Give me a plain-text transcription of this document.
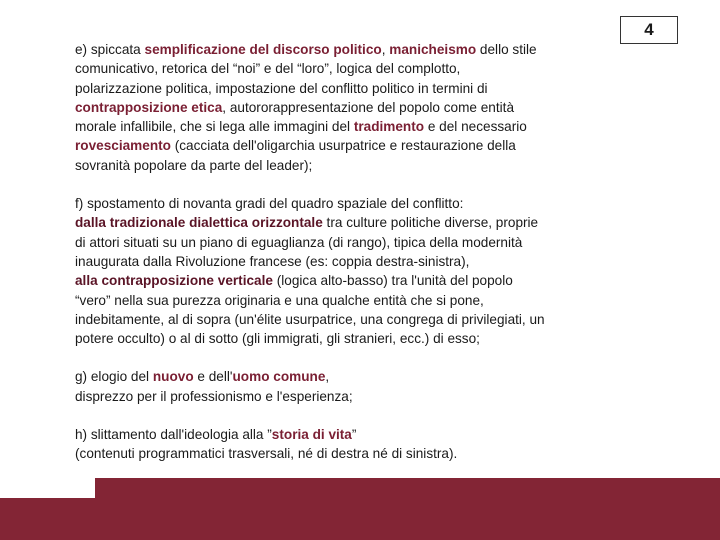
4
e) spiccata semplificazione del discorso politico, manicheismo dello stile
comunicativo, retorica del “noi” e del “loro”, logica del complotto,
polarizzazione politica, impostazione del conflitto politico in termini di
contrapposizione etica, autororappresentazione del popolo come entità
morale infallibile, che si lega alle immagini del tradimento e del necessario
rovesciamento (cacciata dell'oligarchia usurpatrice e restaurazione della
sovranità popolare da parte del leader);
f) spostamento di novanta gradi del quadro spaziale del conflitto:
dalla tradizionale dialettica orizzontale tra culture politiche diverse, proprie
di attori situati su un piano di eguaglianza (di rango), tipica della modernità
inaugurata dalla Rivoluzione francese (es: coppia destra-sinistra),
alla contrapposizione verticale (logica alto-basso) tra l'unità del popolo
“vero” nella sua purezza originaria e una qualche entità che si pone,
indebitamente, al di sopra (un'élite usurpatrice, una congrega di privilegiati, un
potere occulto) o al di sotto (gli immigrati, gli stranieri, ecc.) di esso;
g) elogio del nuovo e dell'uomo comune,
disprezzo per il professionismo e l'esperienza;
h) slittamento dall'ideologia alla ”storia di vita”
(contenuti programmatici trasversali, né di destra né di sinistra).
